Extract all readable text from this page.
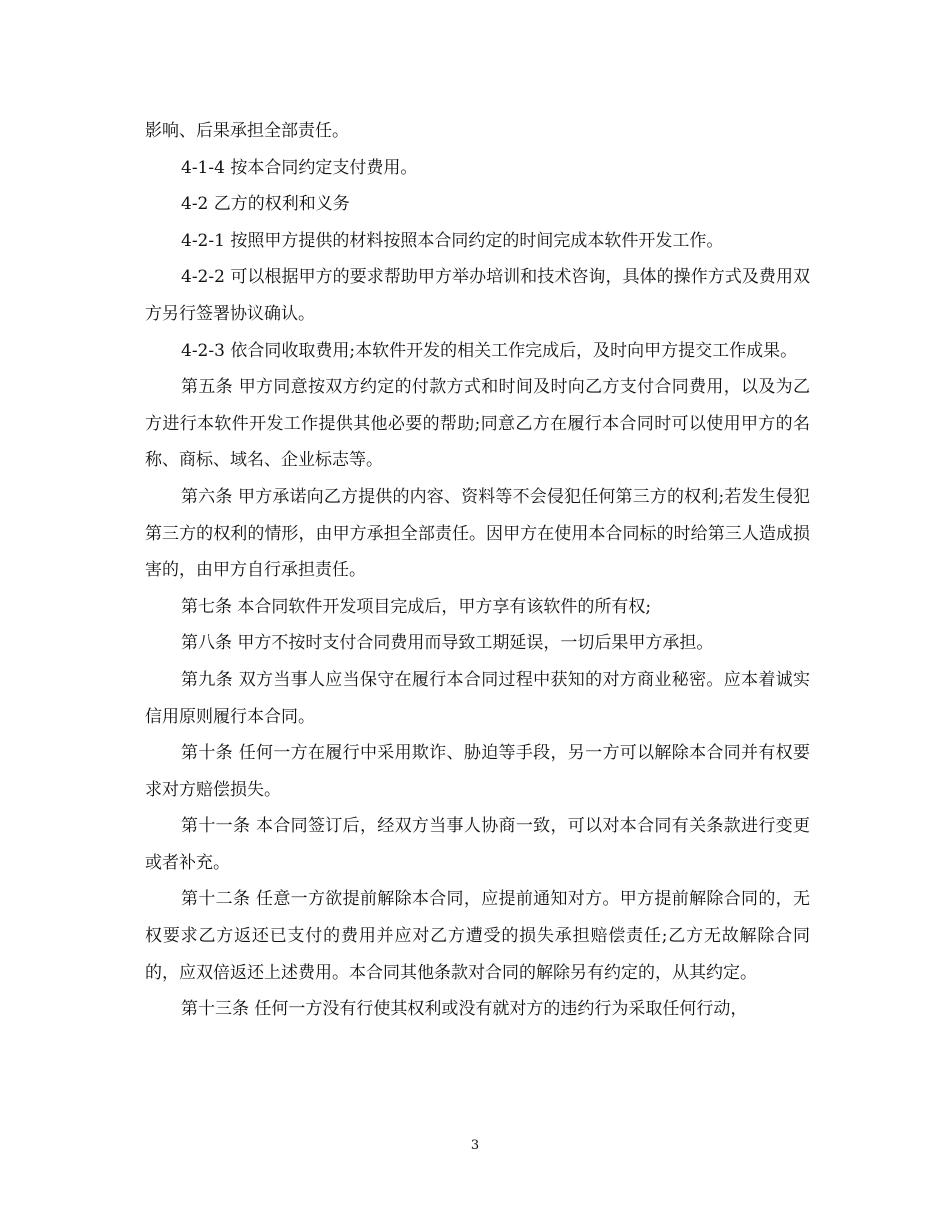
影响、后果承担全部责任。

4-1-4 按本合同约定支付费用。

4-2 乙方的权利和义务

4-2-1 按照甲方提供的材料按照本合同约定的时间完成本软件开发工作。

4-2-2 可以根据甲方的要求帮助甲方举办培训和技术咨询，具体的操作方式及费用双方另行签署协议确认。

4-2-3 依合同收取费用;本软件开发的相关工作完成后，及时向甲方提交工作成果。

第五条 甲方同意按双方约定的付款方式和时间及时向乙方支付合同费用，以及为乙方进行本软件开发工作提供其他必要的帮助;同意乙方在履行本合同时可以使用甲方的名称、商标、域名、企业标志等。

第六条 甲方承诺向乙方提供的内容、资料等不会侵犯任何第三方的权利;若发生侵犯第三方的权利的情形，由甲方承担全部责任。因甲方在使用本合同标的时给第三人造成损害的，由甲方自行承担责任。

第七条 本合同软件开发项目完成后，甲方享有该软件的所有权;

第八条 甲方不按时支付合同费用而导致工期延误，一切后果甲方承担。

第九条 双方当事人应当保守在履行本合同过程中获知的对方商业秘密。应本着诚实信用原则履行本合同。

第十条 任何一方在履行中采用欺诈、胁迫等手段，另一方可以解除本合同并有权要求对方赔偿损失。

第十一条 本合同签订后，经双方当事人协商一致，可以对本合同有关条款进行变更或者补充。

第十二条 任意一方欲提前解除本合同，应提前通知对方。甲方提前解除合同的，无权要求乙方返还已支付的费用并应对乙方遭受的损失承担赔偿责任;乙方无故解除合同的，应双倍返还上述费用。本合同其他条款对合同的解除另有约定的，从其约定。

第十三条 任何一方没有行使其权利或没有就对方的违约行为采取任何行动，

3
